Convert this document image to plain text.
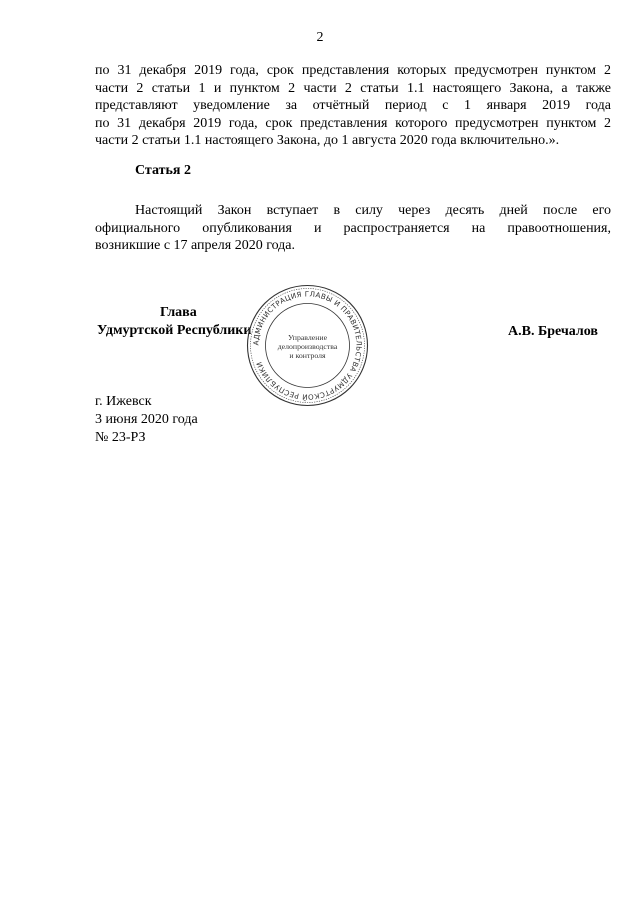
2
по 31 декабря 2019 года, срок представления которых предусмотрен пунктом 2
части 2 статьи 1 и пунктом 2 части 2 статьи 1.1 настоящего Закона, а также
представляют уведомление за отчётный период с 1 января 2019 года
по 31 декабря 2019 года, срок представления которого предусмотрен пунктом 2
части 2 статьи 1.1 настоящего Закона, до 1 августа 2020 года включительно.».
Статья 2
Настоящий Закон вступает в силу через десять дней после его
официального опубликования и распространяется на правоотношения,
возникшие с 17 апреля 2020 года.
Глава
Удмуртской Республики	А.В. Бречалов
АДМИНИСТРАЦИЯ ГЛАВЫ И ПРАВИТЕЛЬСТВА УДМУРТСКОЙ РЕСПУБЛИКИ
Управление
делопроизводства
и контроля
г. Ижевск
3 июня 2020 года
№ 23-РЗ
